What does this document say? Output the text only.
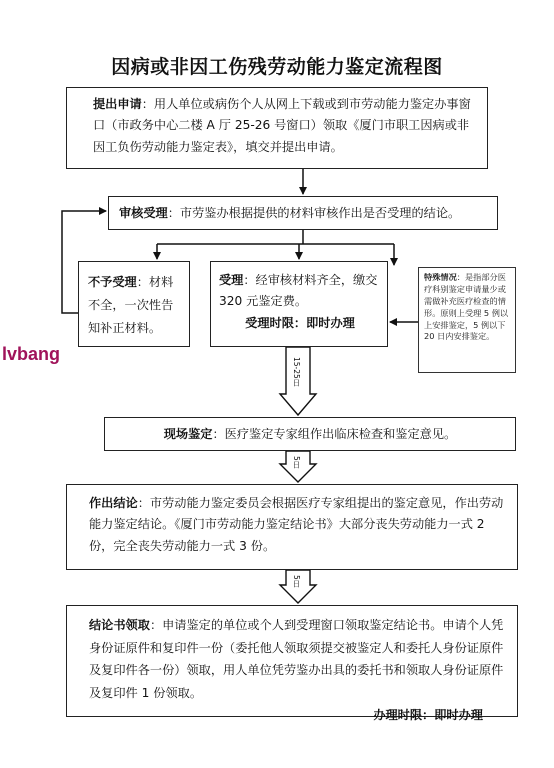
因病或非因工伤残劳动能力鉴定流程图
15-25日
5日
5日
提出申请：用人单位或病伤个人从网上下载或到市劳动能力鉴定办事窗口（市政务中心二楼 A 厅 25-26 号窗口）领取《厦门市职工因病或非因工负伤劳动能力鉴定表》，填交并提出申请。
审核受理：市劳鉴办根据提供的材料审核作出是否受理的结论。
不予受理：材料不全，一次性告知补正材料。
受理：经审核材料齐全，缴交 320 元鉴定费。
受理时限：即时办理
特殊情况：是指部分医疗科别鉴定申请量少或需做补充医疗检查的情形。原则上受理 5 例以上安排鉴定，5 例以下 20 日内安排鉴定。
现场鉴定：医疗鉴定专家组作出临床检查和鉴定意见。
作出结论：市劳动能力鉴定委员会根据医疗专家组提出的鉴定意见，作出劳动能力鉴定结论。《厦门市劳动能力鉴定结论书》大部分丧失劳动能力一式 2 份，完全丧失劳动能力一式 3 份。
结论书领取：申请鉴定的单位或个人到受理窗口领取鉴定结论书。申请个人凭身份证原件和复印件一份（委托他人领取须提交被鉴定人和委托人身份证原件及复印件各一份）领取，用人单位凭劳鉴办出具的委托书和领取人身份证原件及复印件 1 份领取。
办理时限：即时办理
lvbang
